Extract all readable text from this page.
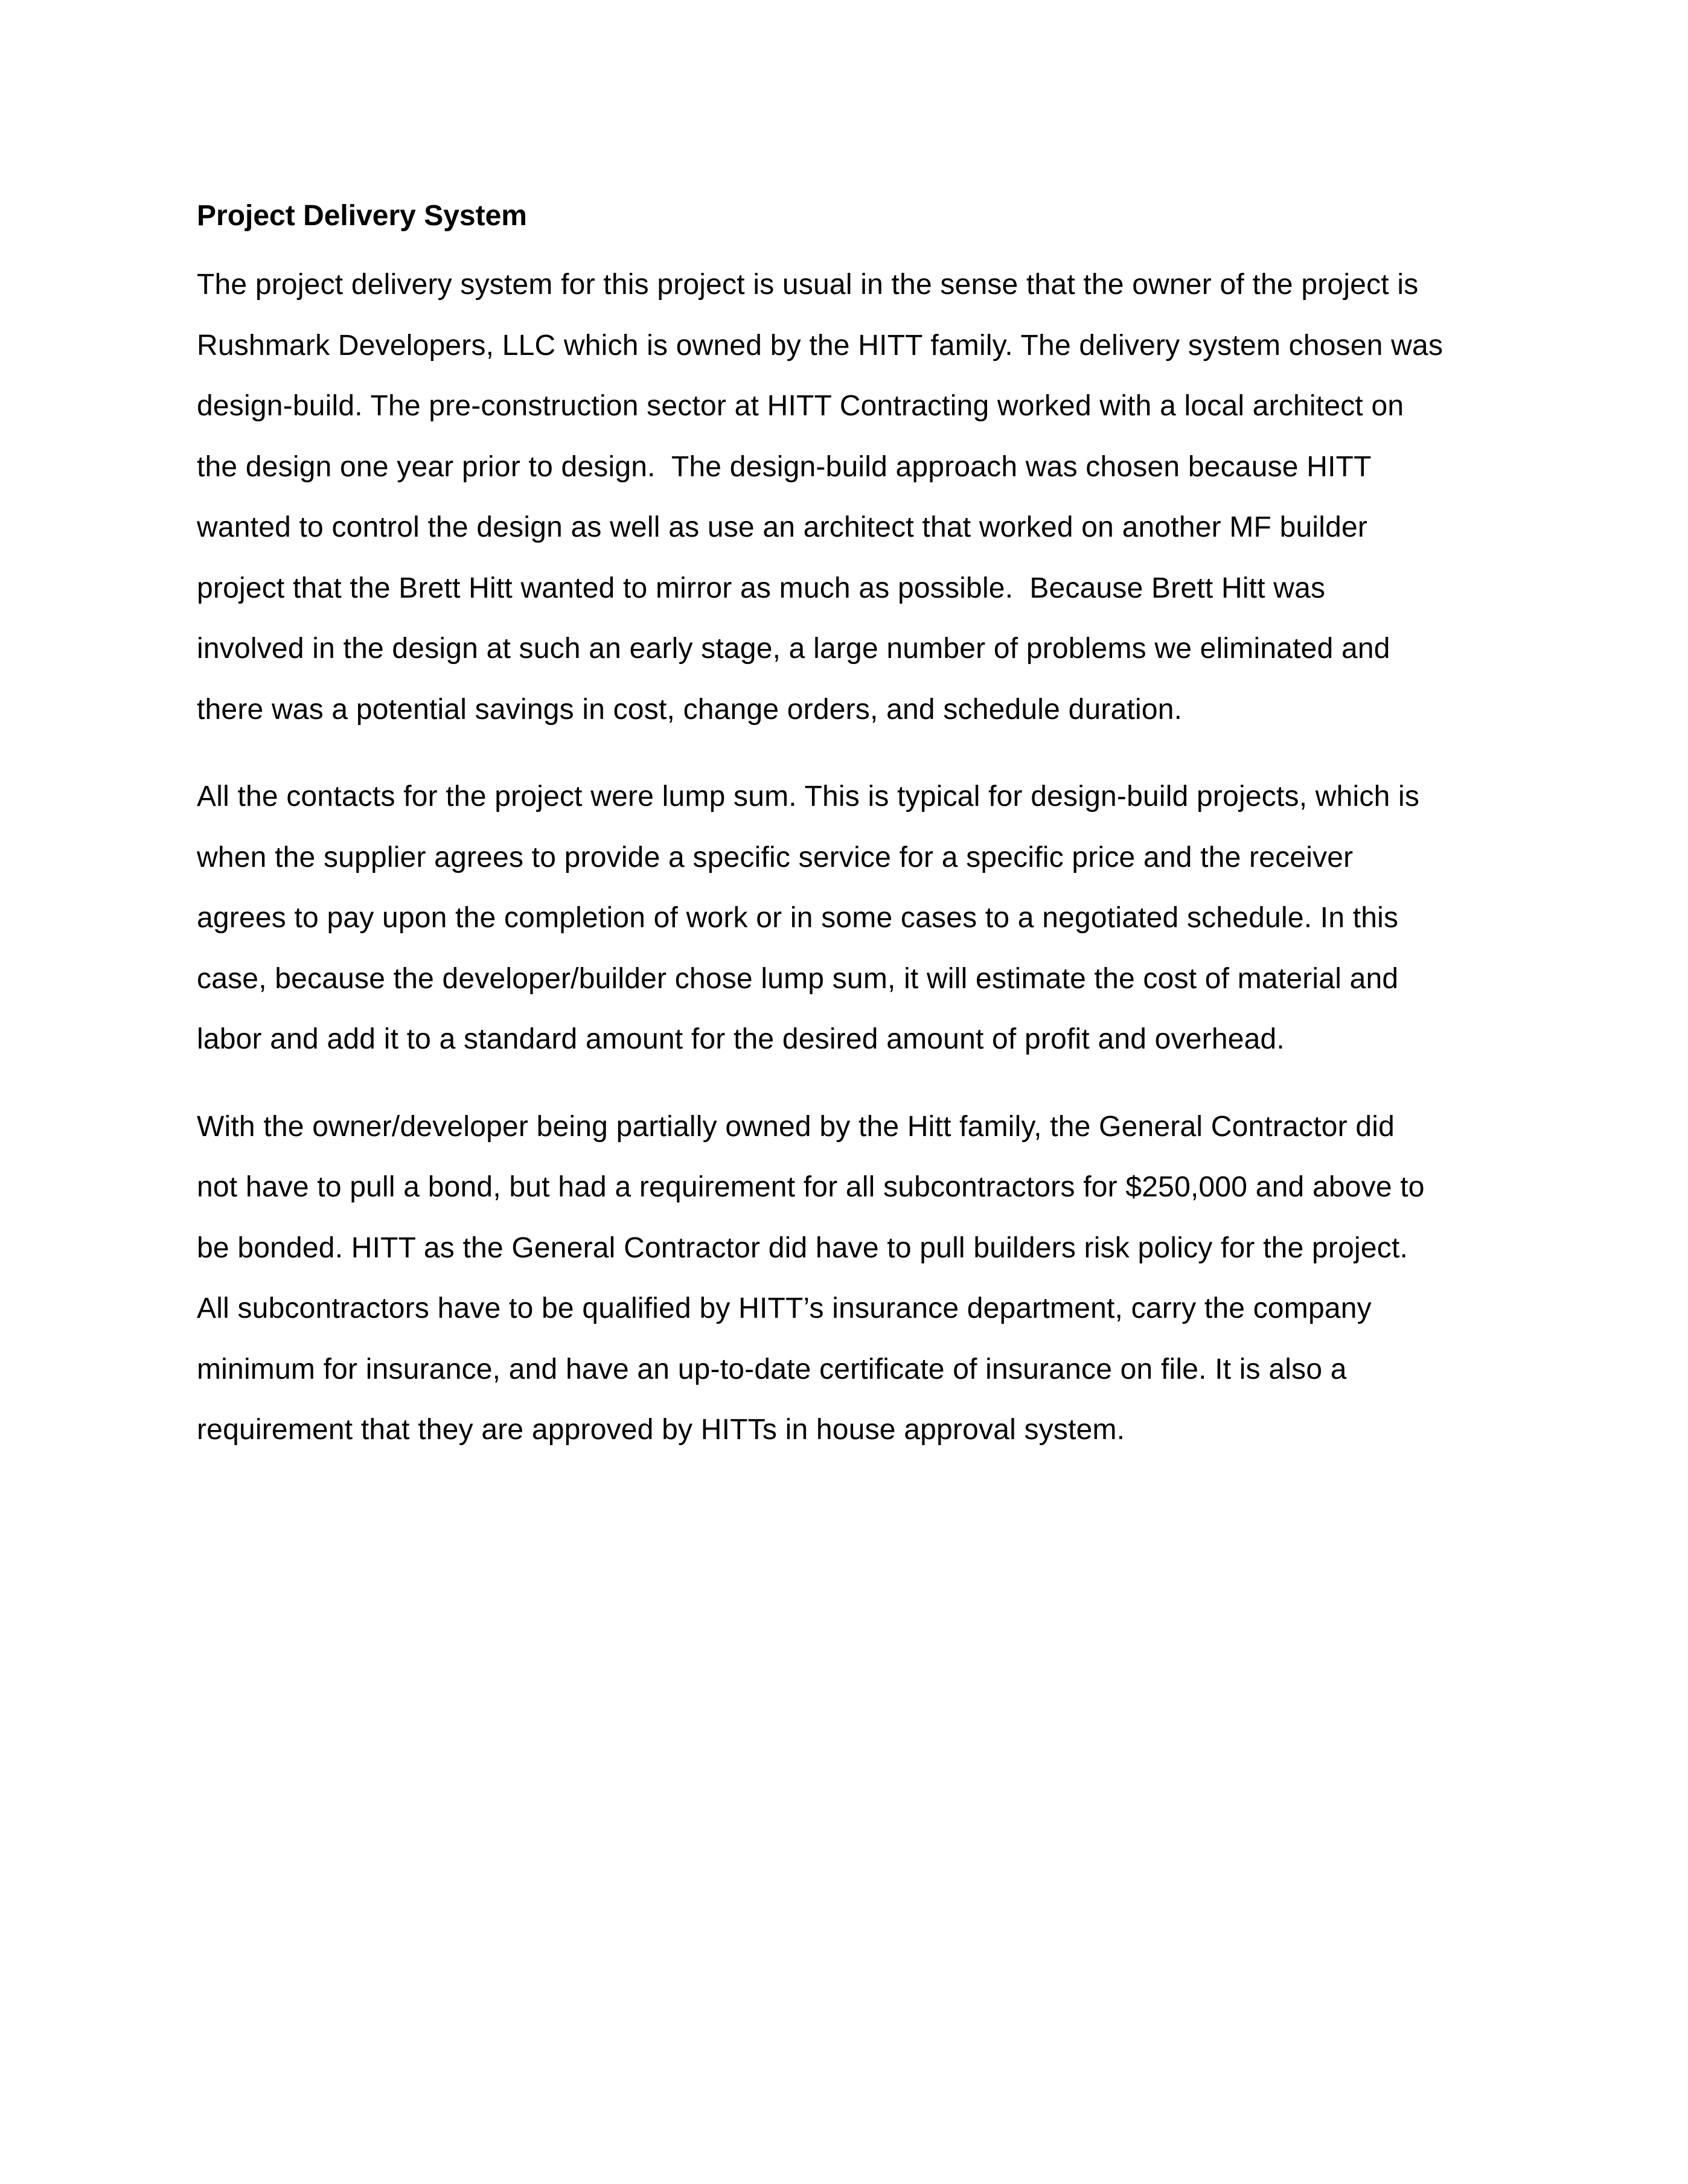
Project Delivery System

The project delivery system for this project is usual in the sense that the owner of the project is
Rushmark Developers, LLC which is owned by the HITT family. The delivery system chosen was
design-build. The pre-construction sector at HITT Contracting worked with a local architect on
the design one year prior to design.  The design-build approach was chosen because HITT
wanted to control the design as well as use an architect that worked on another MF builder
project that the Brett Hitt wanted to mirror as much as possible.  Because Brett Hitt was
involved in the design at such an early stage, a large number of problems we eliminated and
there was a potential savings in cost, change orders, and schedule duration.

All the contacts for the project were lump sum. This is typical for design-build projects, which is
when the supplier agrees to provide a specific service for a specific price and the receiver
agrees to pay upon the completion of work or in some cases to a negotiated schedule. In this
case, because the developer/builder chose lump sum, it will estimate the cost of material and
labor and add it to a standard amount for the desired amount of profit and overhead.

With the owner/developer being partially owned by the Hitt family, the General Contractor did
not have to pull a bond, but had a requirement for all subcontractors for $250,000 and above to
be bonded. HITT as the General Contractor did have to pull builders risk policy for the project.
All subcontractors have to be qualified by HITT’s insurance department, carry the company
minimum for insurance, and have an up-to-date certificate of insurance on file. It is also a
requirement that they are approved by HITTs in house approval system.
